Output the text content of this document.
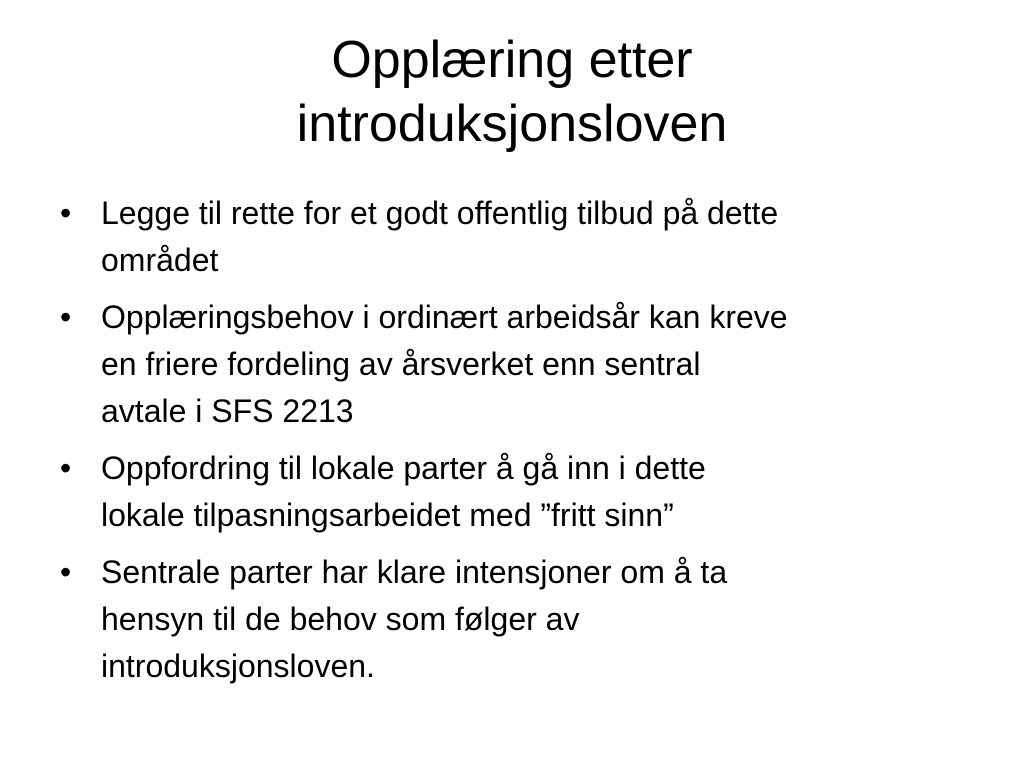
Opplæring etter
introduksjonsloven
• Legge til rette for et godt offentlig tilbud på dette
området
• Opplæringsbehov i ordinært arbeidsår kan kreve
en friere fordeling av årsverket enn sentral
avtale i SFS 2213
• Oppfordring til lokale parter å gå inn i dette
lokale tilpasningsarbeidet med ”fritt sinn”
• Sentrale parter har klare intensjoner om å ta
hensyn til de behov som følger av
introduksjonsloven.
